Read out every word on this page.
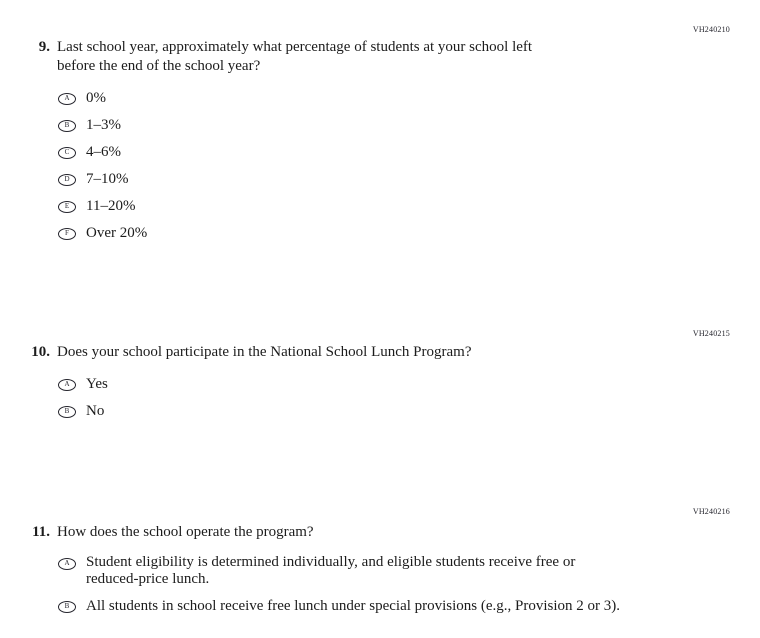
VH240210
VH240215
VH240216
9. Last school year, approximately what percentage of students at your school left
before the end of the school year?
A 0%
B 1–3%
C 4–6%
D 7–10%
E 11–20%
F Over 20%
10. Does your school participate in the National School Lunch Program?
A Yes
B No
11. How does the school operate the program?
A Student eligibility is determined individually, and eligible students receive free or
reduced-price lunch.
B All students in school receive free lunch under special provisions (e.g., Provision 2 or 3).
